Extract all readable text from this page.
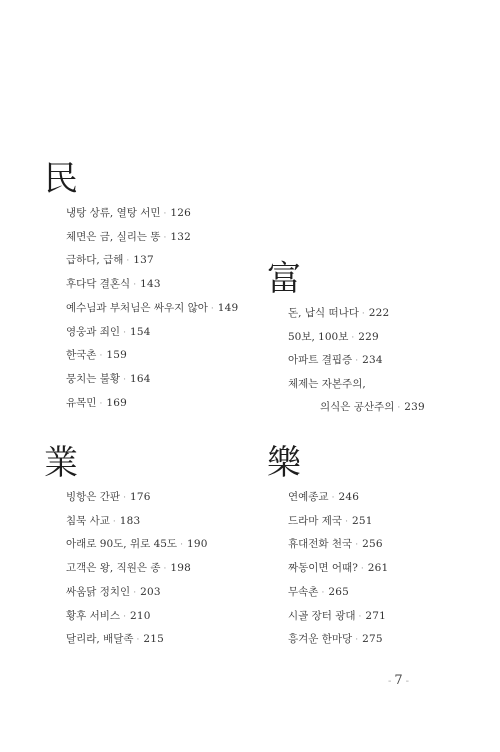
民
냉탕 상류, 열탕 서민 · 126
체면은 금, 실리는 똥 · 132
급하다, 급해 · 137
후다닥 결혼식 · 143
예수님과 부처님은 싸우지 않아 · 149
영웅과 죄인 · 154
한국촌 · 159
뭉치는 불황 · 164
유목민 · 169
富
돈, 납식 떠나다 · 222
50보, 100보 · 229
아파트 결핍증 · 234
체제는 자본주의,
의식은 공산주의 · 239
業
빙항은 간판 · 176
침묵 사교 · 183
아래로 90도, 위로 45도 · 190
고객은 왕, 직원은 종 · 198
싸움닭 정치인 · 203
황후 서비스 · 210
달리라, 배달족 · 215
樂
연예종교 · 246
드라마 제국 · 251
휴대전화 천국 · 256
짜동이면 어때? · 261
무속촌 · 265
시골 장터 광대 · 271
흥겨운 한마당 · 275
- 7 -
